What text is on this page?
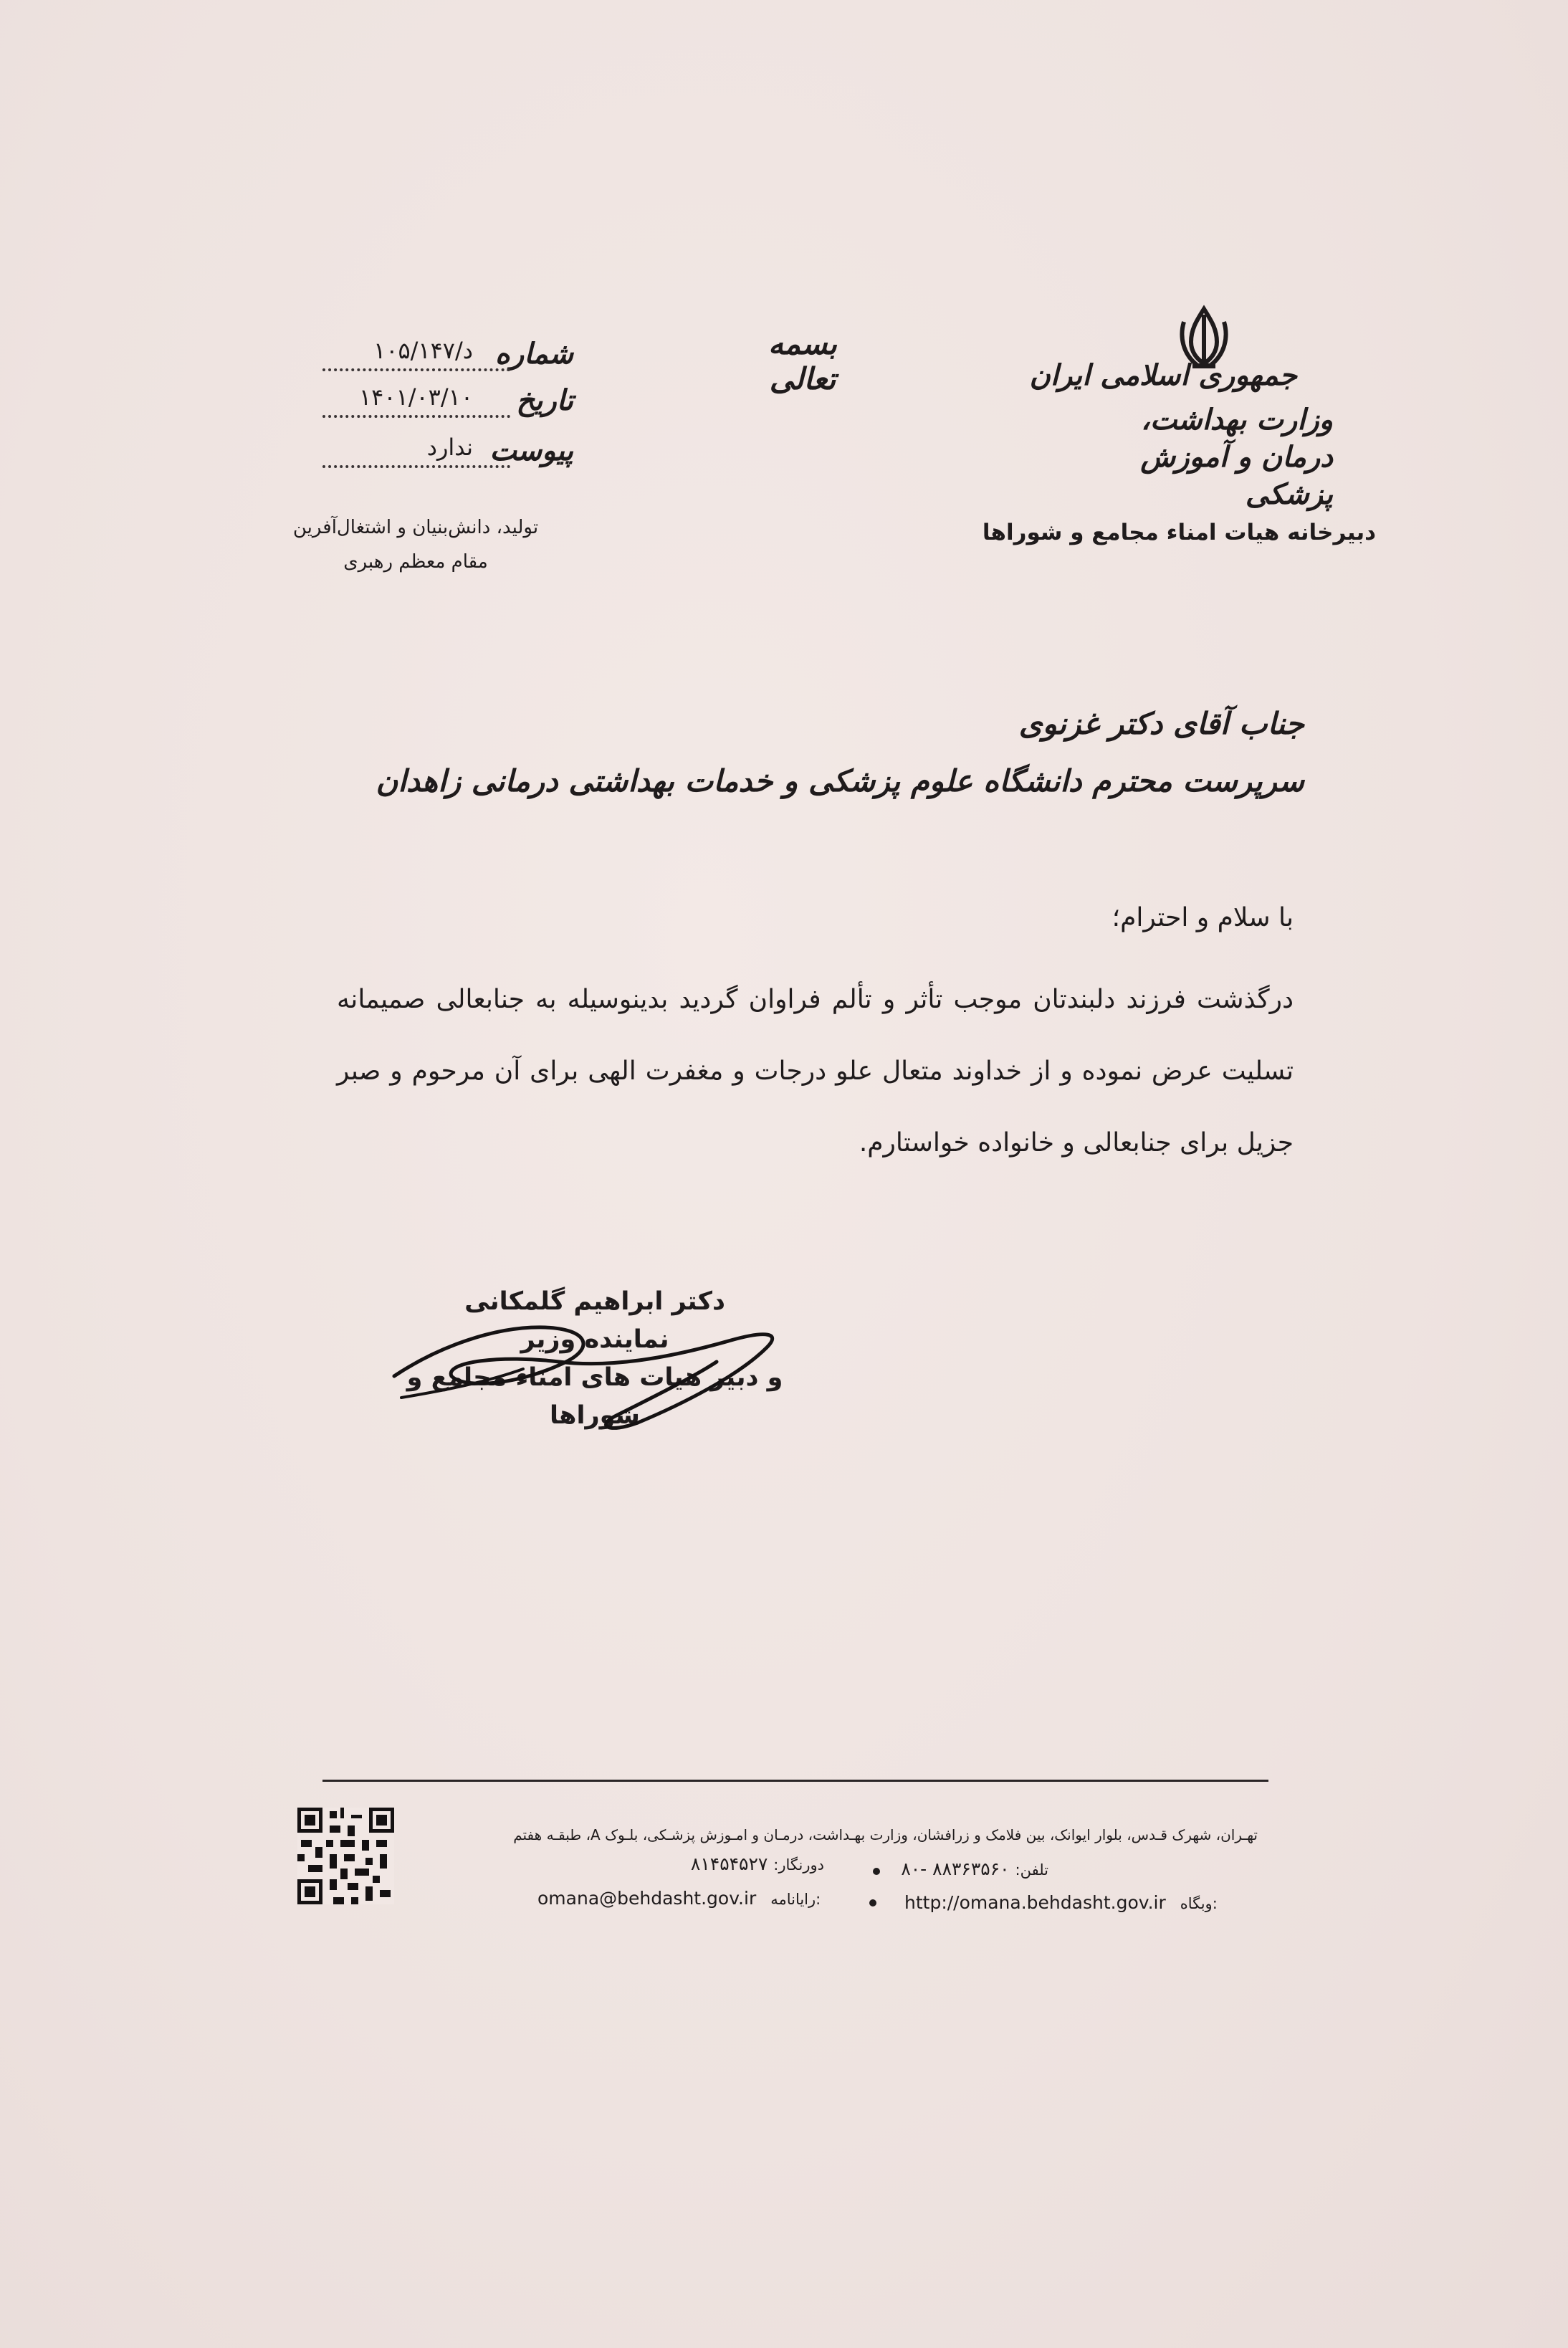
جمهوری اسلامی ایران
وزارت بهداشت، درمان و آموزش پزشکی
دبیرخانه هیات امناء مجامع و شوراها
بسمه تعالی
شماره
د/۱۰۵/۱۴۷
تاریخ
۱۴۰۱/۰۳/۱۰
پیوست
ندارد
تولید، دانش‌بنیان و اشتغال‌آفرین
مقام معظم رهبری
جناب آقای دکتر غزنوی
سرپرست محترم دانشگاه علوم پزشکی و خدمات بهداشتی درمانی زاهدان
با سلام و احترام؛
درگذشت فرزند دلبندتان موجب تأثر و تألم فراوان گردید بدینوسیله به جنابعالی صمیمانه تسلیت عرض نموده و از خداوند متعال علو درجات و مغفرت الهی برای آن مرحوم و صبر جزیل برای جنابعالی و خانواده خواستارم.
دکتر ابراهیم گلمکانی
نماینده وزیر
و دبیر هیات های امناء مجامع و شوراها
تهـران، شهرک قـدس، بلوار ایوانک، بین فلامک و زرافشان، وزارت بهـداشت، درمـان و امـوزش پزشـکی، بلـوک A، طبقـه هفتم
تلفن: ۸۸۳۶۳۵۶۰ -۸۰
دورنگار: ۸۱۴۵۴۵۲۷
http://omana.behdasht.gov.ir وبگاه:
omana@behdasht.gov.ir رایانامه:
